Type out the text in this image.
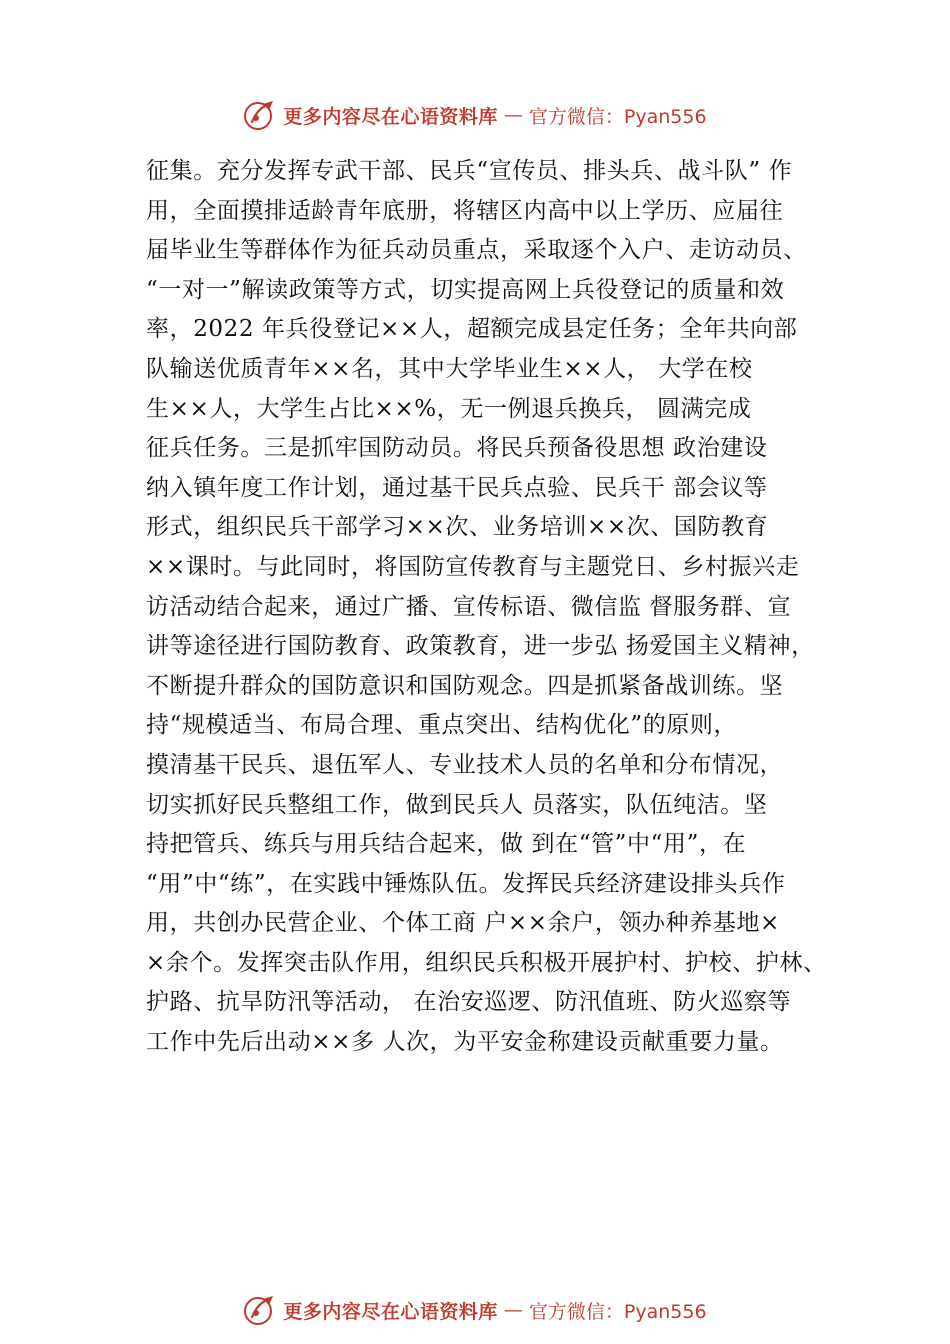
更多内容尽在心语资料库 — 官方微信：Pyan556
征集。充分发挥专武干部、民兵“宣传员、排头兵、战斗队” 作
用，全面摸排适龄青年底册，将辖区内高中以上学历、应届往
届毕业生等群体作为征兵动员重点，采取逐个入户、走访动员、
“一对一”解读政策等方式，切实提高网上兵役登记的质量和效
率，2022 年兵役登记××人，超额完成县定任务；全年共向部
队输送优质青年××名，其中大学毕业生××人， 大学在校
生××人，大学生占比××%，无一例退兵换兵， 圆满完成
征兵任务。三是抓牢国防动员。将民兵预备役思想 政治建设
纳入镇年度工作计划，通过基干民兵点验、民兵干 部会议等
形式，组织民兵干部学习××次、业务培训××次、国防教育
××课时。与此同时，将国防宣传教育与主题党日、乡村振兴走
访活动结合起来，通过广播、宣传标语、微信监 督服务群、宣
讲等途径进行国防教育、政策教育，进一步弘 扬爱国主义精神，
不断提升群众的国防意识和国防观念。四是抓紧备战训练。坚
持“规模适当、布局合理、重点突出、结构优化”的原则，
摸清基干民兵、退伍军人、专业技术人员的名单和分布情况，
切实抓好民兵整组工作，做到民兵人 员落实，队伍纯洁。坚
持把管兵、练兵与用兵结合起来，做 到在“管”中“用”，在
“用”中“练”，在实践中锤炼队伍。发挥民兵经济建设排头兵作
用，共创办民营企业、个体工商 户××余户，领办种养基地×
×余个。发挥突击队作用，组织民兵积极开展护村、护校、护林、
护路、抗旱防汛等活动， 在治安巡逻、防汛值班、防火巡察等
工作中先后出动××多 人次，为平安金称建设贡献重要力量。
更多内容尽在心语资料库 — 官方微信：Pyan556
